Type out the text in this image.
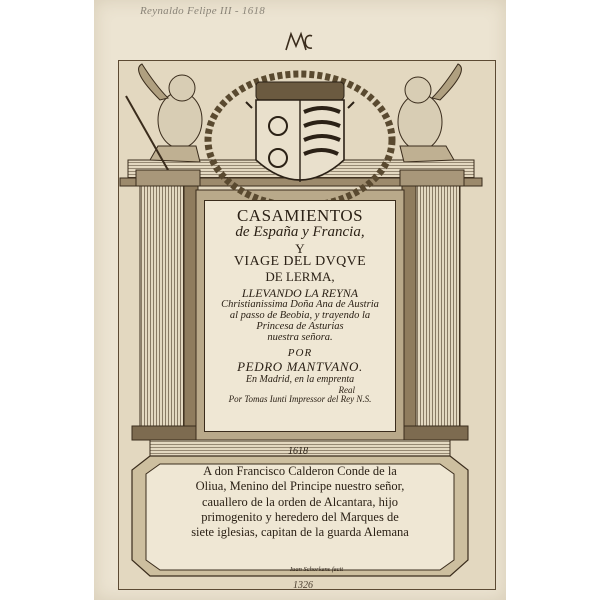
Reynaldo Felipe III - 1618
CASAMIENTOS
de España y Francia,
Y
VIAGE DEL DVQVE
DE LERMA,
LLEVANDO LA REYNA
Christianissima Doña Ana de Austria
al passo de Beobia, y trayendo la
Princesa de Asturias
nuestra señora.
POR
PEDRO MANTVANO.
En Madrid, en la emprenta
Real
Por Tomas Iunti Impressor del Rey N.S.
1618
A don Francisco Calderon Conde de la
Oliua, Menino del Principe nuestro señor,
cauallero de la orden de Alcantara, hijo
primogenito y heredero del Marques de
siete iglesias, capitan de la guarda Alemana
Iuan Schorkens fecit
1326
